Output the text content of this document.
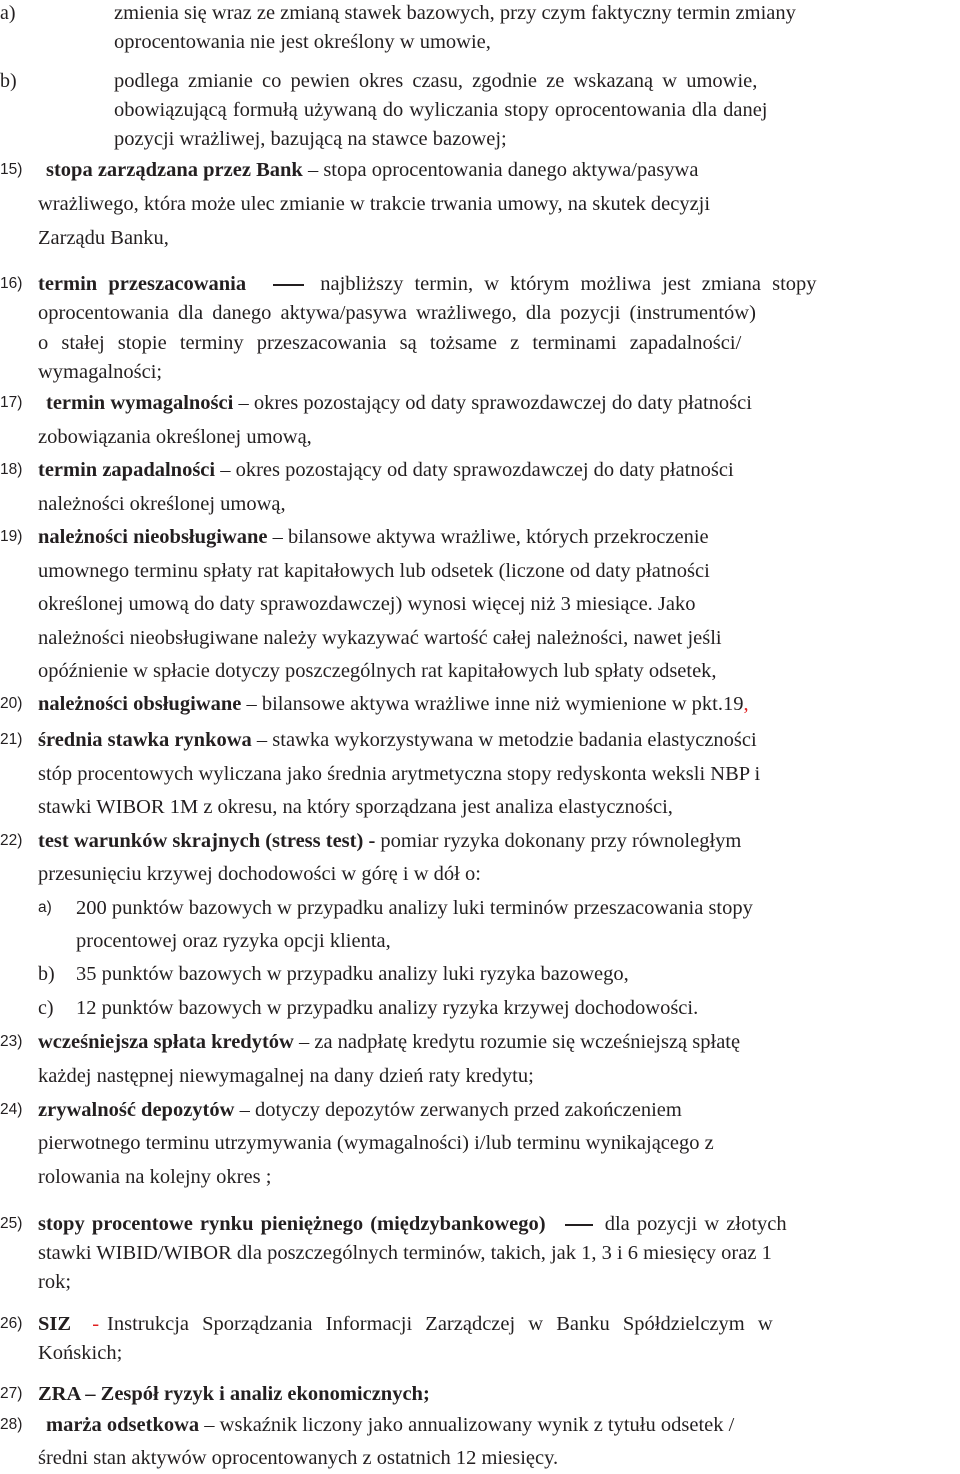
a)	zmienia się wraz ze zmianą stawek bazowych, przy czym faktyczny termin zmiany
oprocentowania nie jest określony w umowie,
b)	podlega zmianie co pewien okres czasu, zgodnie ze wskazaną w umowie,
obowiązującą formułą używaną do wyliczania stopy oprocentowania dla danej
pozycji wrażliwej, bazującą na stawce bazowej;
15) stopa zarządzana przez Bank – stopa oprocentowania danego aktywa/pasywa
wrażliwego, która może ulec zmianie w trakcie trwania umowy, na skutek decyzji
Zarządu Banku,
16) termin przeszacowania	najbliższy termin, w którym możliwa jest zmiana stopy
oprocentowania dla danego aktywa/pasywa wrażliwego, dla pozycji (instrumentów)
o stałej stopie terminy przeszacowania są tożsame z terminami zapadalności/
wymagalności;
17) termin wymagalności – okres pozostający od daty sprawozdawczej do daty płatności
zobowiązania określonej umową,
18) termin zapadalności – okres pozostający od daty sprawozdawczej do daty płatności
należności określonej umową,
19) należności nieobsługiwane – bilansowe aktywa wrażliwe, których przekroczenie
umownego terminu spłaty rat kapitałowych lub odsetek (liczone od daty płatności
określonej umową do daty sprawozdawczej) wynosi więcej niż 3 miesiące. Jako
należności nieobsługiwane należy wykazywać wartość całej należności, nawet jeśli
opóźnienie w spłacie dotyczy poszczególnych rat kapitałowych lub spłaty odsetek,
20) należności obsługiwane – bilansowe aktywa wrażliwe inne niż wymienione w pkt.19,
21) średnia stawka rynkowa – stawka wykorzystywana w metodzie badania elastyczności
stóp procentowych wyliczana jako średnia arytmetyczna stopy redyskonta weksli NBP i
stawki WIBOR 1M z okresu, na który sporządzana jest analiza elastyczności,
22) test warunków skrajnych (stress test) - pomiar ryzyka dokonany przy równoległym
przesunięciu krzywej dochodowości w górę i w dół o:
a) 200 punktów bazowych w przypadku analizy luki terminów przeszacowania stopy
procentowej oraz ryzyka opcji klienta,
b) 35 punktów bazowych w przypadku analizy luki ryzyka bazowego,
c) 12 punktów bazowych w przypadku analizy ryzyka krzywej dochodowości.
23) wcześniejsza spłata kredytów – za nadpłatę kredytu rozumie się wcześniejszą spłatę
każdej następnej niewymagalnej na dany dzień raty kredytu;
24) zrywalność depozytów – dotyczy depozytów zerwanych przed zakończeniem
pierwotnego terminu utrzymywania (wymagalności) i/lub terminu wynikającego z
rolowania na kolejny okres ;
25) stopy procentowe rynku pieniężnego (międzybankowego)	dla pozycji w złotych
stawki WIBID/WIBOR dla poszczególnych terminów, takich, jak 1, 3 i 6 miesięcy oraz 1
rok;
26) SIZ - Instrukcja Sporządzania Informacji Zarządczej w Banku Spółdzielczym w
Końskich;
27) ZRA – Zespół ryzyk i analiz ekonomicznych;
28) marża odsetkowa – wskaźnik liczony jako annualizowany wynik z tytułu odsetek /
średni stan aktywów oprocentowanych z ostatnich 12 miesięcy.
